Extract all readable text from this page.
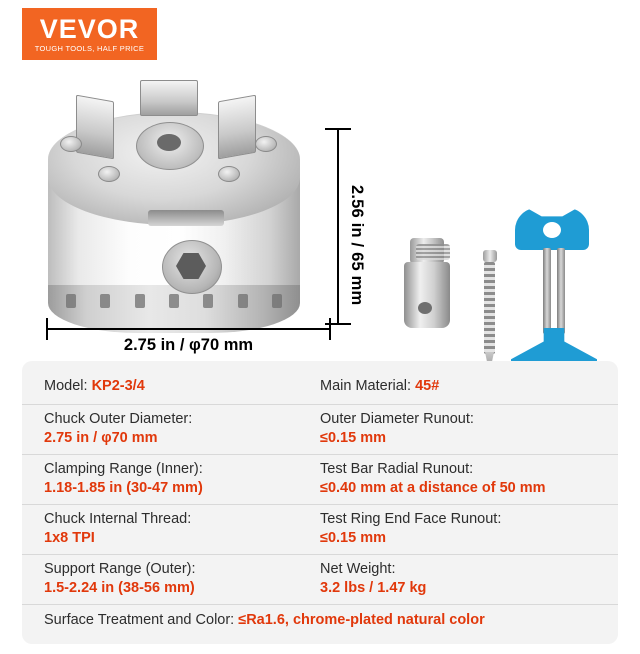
VEVOR
TOUGH TOOLS, HALF PRICE
2.56 in / 65 mm
2.75 in / φ70 mm
Model: KP2-3/4	Main Material: 45#
Chuck Outer Diameter:
2.75 in / φ70 mm
Outer Diameter Runout:
≤0.15 mm
Clamping Range (Inner):
1.18-1.85 in (30-47 mm)
Test Bar Radial Runout:
≤0.40 mm at a distance of 50 mm
Chuck Internal Thread:
1x8 TPI
Test Ring End Face Runout:
≤0.15 mm
Support Range (Outer):
1.5-2.24 in (38-56 mm)
Net Weight:
3.2 lbs / 1.47 kg
Surface Treatment and Color: ≤Ra1.6, chrome-plated natural color
